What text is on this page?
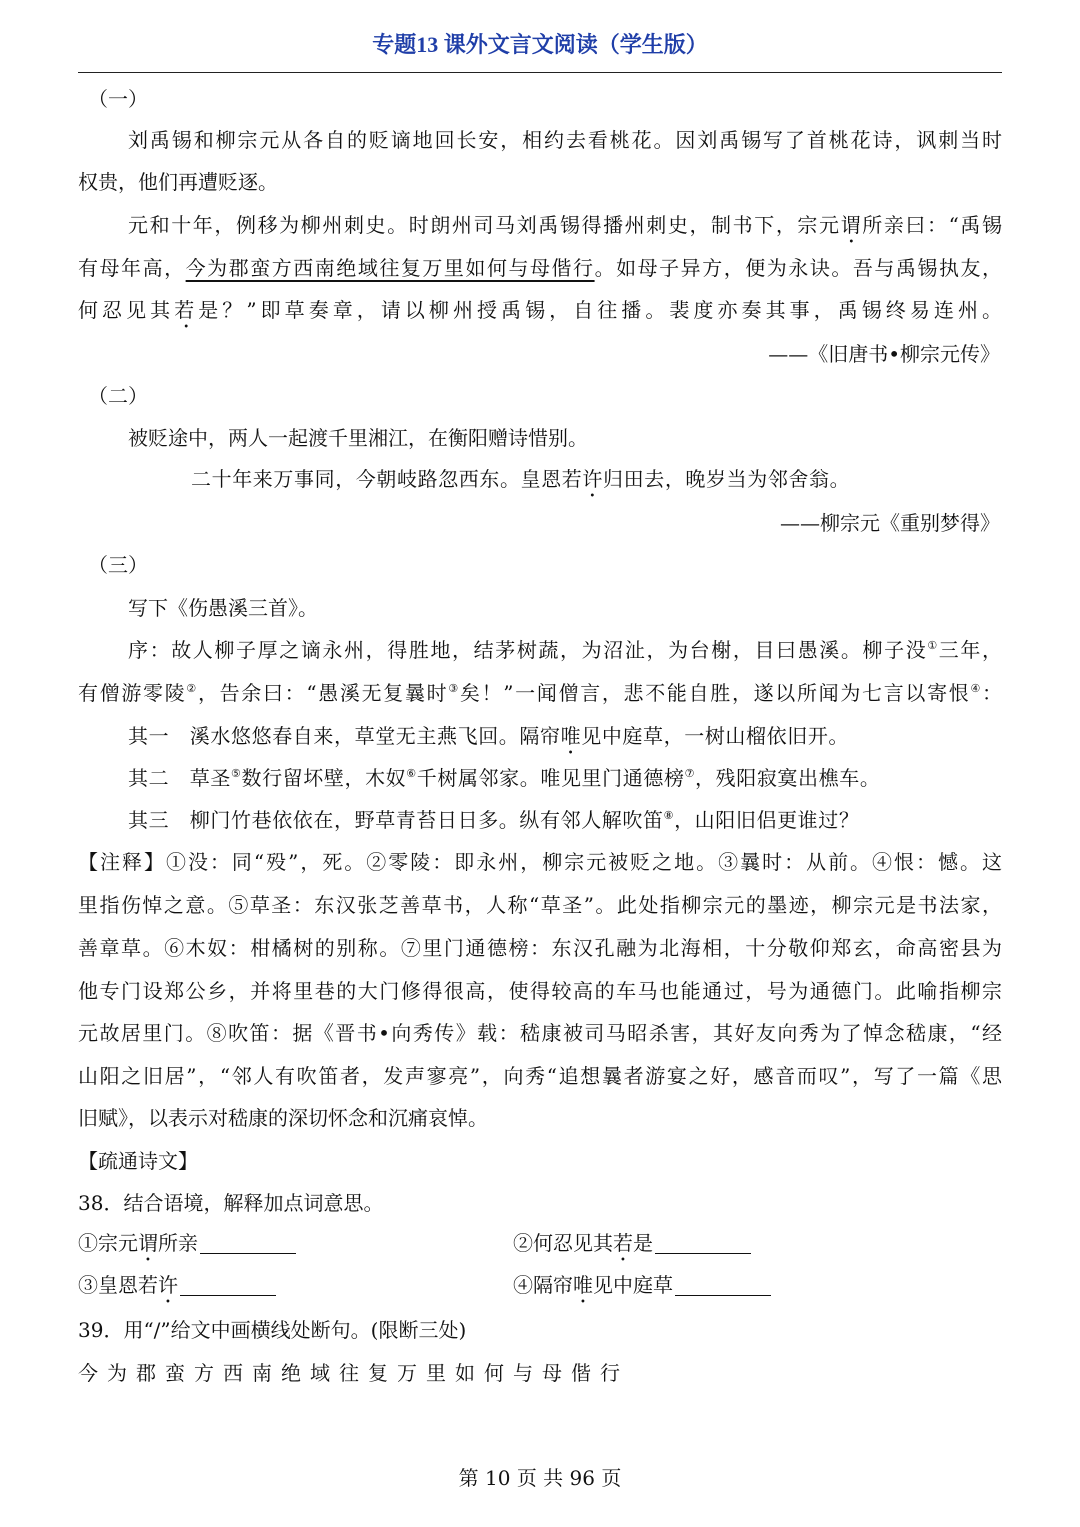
专题13 课外文言文阅读（学生版）
（一）
刘禹锡和柳宗元从各自的贬谪地回长安，相约去看桃花。因刘禹锡写了首桃花诗，讽刺当时
权贵，他们再遭贬逐。
元和十年，例移为柳州刺史。时朗州司马刘禹锡得播州刺史，制书下，宗元谓所亲曰：“禹锡
有母年高，今为郡蛮方西南绝域往复万里如何与母偕行。如母子异方，便为永诀。吾与禹锡执友，
何忍见其若是？”即草奏章，请以柳州授禹锡，自往播。裴度亦奏其事，禹锡终易连州。
——《旧唐书•柳宗元传》
（二）
被贬途中，两人一起渡千里湘江，在衡阳赠诗惜别。
二十年来万事同，今朝岐路忽西东。皇恩若许归田去，晚岁当为邻舍翁。
——柳宗元《重别梦得》
（三）
写下《伤愚溪三首》。
序：故人柳子厚之谪永州，得胜地，结茅树蔬，为沼沚，为台榭，目曰愚溪。柳子没①三年，
有僧游零陵②，告余曰：“愚溪无复曩时③矣！”一闻僧言，悲不能自胜，遂以所闻为七言以寄恨④：
其一　溪水悠悠春自来，草堂无主燕飞回。隔帘唯见中庭草，一树山榴依旧开。
其二　草圣⑤数行留坏壁，木奴⑥千树属邻家。唯见里门通德榜⑦，残阳寂寞出樵车。
其三　柳门竹巷依依在，野草青苔日日多。纵有邻人解吹笛⑧，山阳旧侣更谁过？
【注释】①没：同“殁”，死。②零陵：即永州，柳宗元被贬之地。③曩时：从前。④恨：憾。这
里指伤悼之意。⑤草圣：东汉张芝善草书，人称“草圣”。此处指柳宗元的墨迹，柳宗元是书法家，
善章草。⑥木奴：柑橘树的别称。⑦里门通德榜：东汉孔融为北海相，十分敬仰郑玄，命高密县为
他专门设郑公乡，并将里巷的大门修得很高，使得较高的车马也能通过，号为通德门。此喻指柳宗
元故居里门。⑧吹笛：据《晋书•向秀传》载：嵇康被司马昭杀害，其好友向秀为了悼念嵇康，“经
山阳之旧居”，“邻人有吹笛者，发声寥亮”，向秀“追想曩者游宴之好，感音而叹”，写了一篇《思
旧赋》，以表示对嵇康的深切怀念和沉痛哀悼。
【疏通诗文】
38．结合语境，解释加点词意思。
①宗元谓所亲	②何忍见其若是
③皇恩若许	④隔帘唯见中庭草
39．用“/”给文中画横线处断句。(限断三处)
今为郡蛮方西南绝域往复万里如何与母偕行
第 10 页 共 96 页
